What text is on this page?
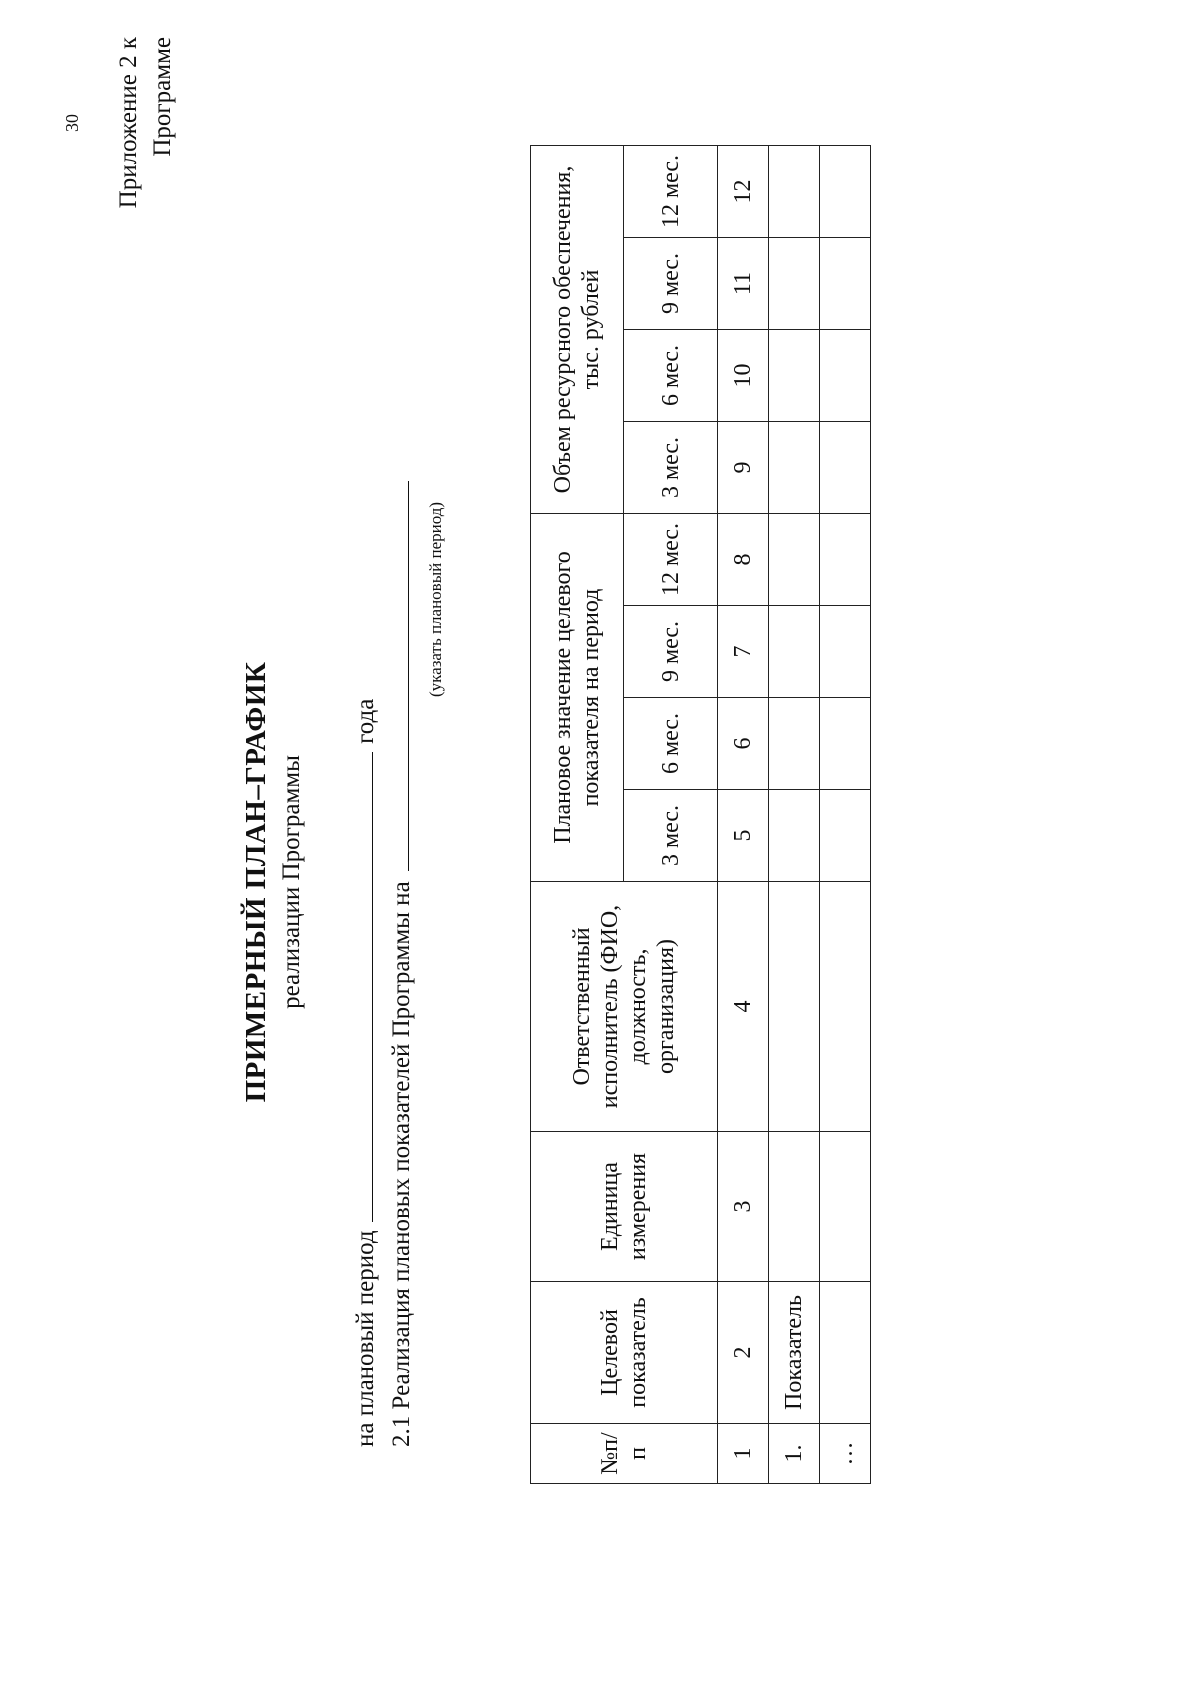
30 Приложение 2 к Программе
ПРИМЕРНЫЙ ПЛАН–ГРАФИК реализации Программы
на плановый период  года
2.1 Реализация плановых показателей Программы на
(указать плановый период)
№п/п	Целевой показатель	Единица измерения	Ответственный исполнитель (ФИО, должность, организация)	Плановое значение целевого показателя на период				Объем ресурсного обеспечения, тыс. рублей			
				3 мес.	6 мес.	9 мес.	12 мес.	3 мес.	6 мес.	9 мес.	12 мес.
1	2	3	4	5	6	7	8	9	10	11	12
1.	Показатель										
…											
